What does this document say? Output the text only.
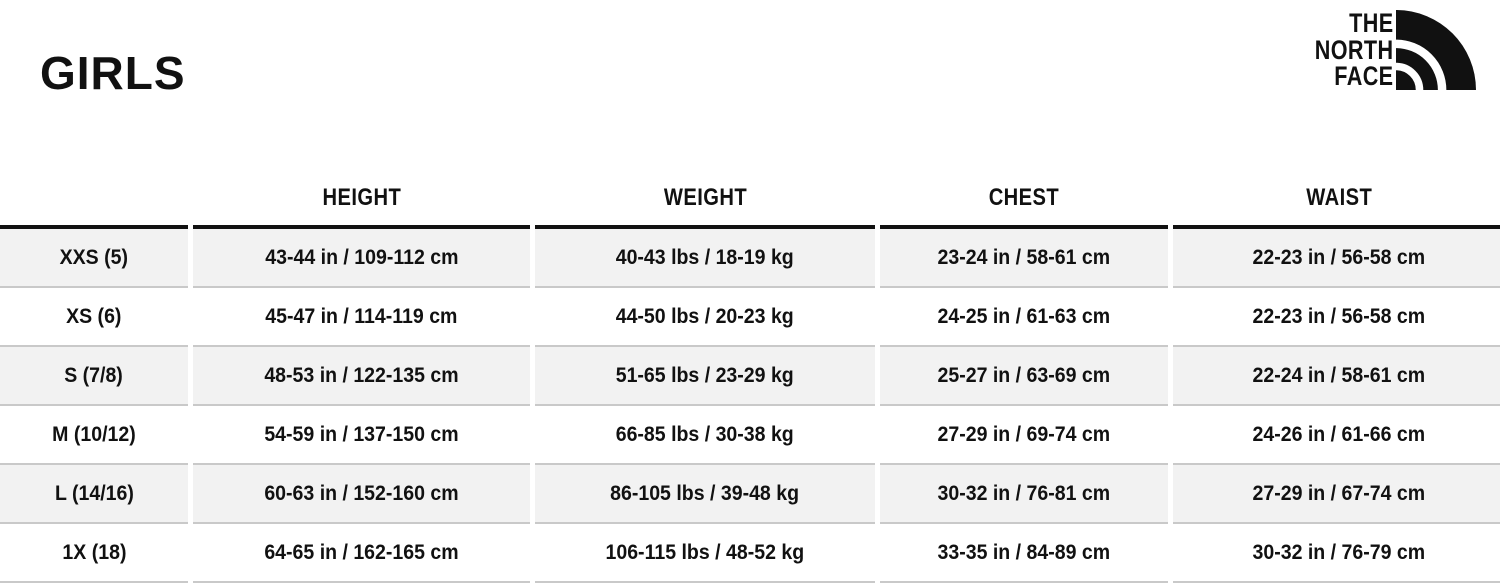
GIRLS
THE
NORTH
FACE
	HEIGHT	WEIGHT	CHEST	WAIST
XXS (5)	43-44 in / 109-112 cm	40-43 lbs / 18-19 kg	23-24 in / 58-61 cm	22-23 in / 56-58 cm
XS (6)	45-47 in / 114-119 cm	44-50 lbs / 20-23 kg	24-25 in / 61-63 cm	22-23 in / 56-58 cm
S (7/8)	48-53 in / 122-135 cm	51-65 lbs / 23-29 kg	25-27 in / 63-69 cm	22-24 in / 58-61 cm
M (10/12)	54-59 in / 137-150 cm	66-85 lbs / 30-38 kg	27-29 in / 69-74 cm	24-26 in / 61-66 cm
L (14/16)	60-63 in / 152-160 cm	86-105 lbs / 39-48 kg	30-32 in / 76-81 cm	27-29 in / 67-74 cm
1X (18)	64-65 in / 162-165 cm	106-115 lbs / 48-52 kg	33-35 in / 84-89 cm	30-32 in / 76-79 cm
